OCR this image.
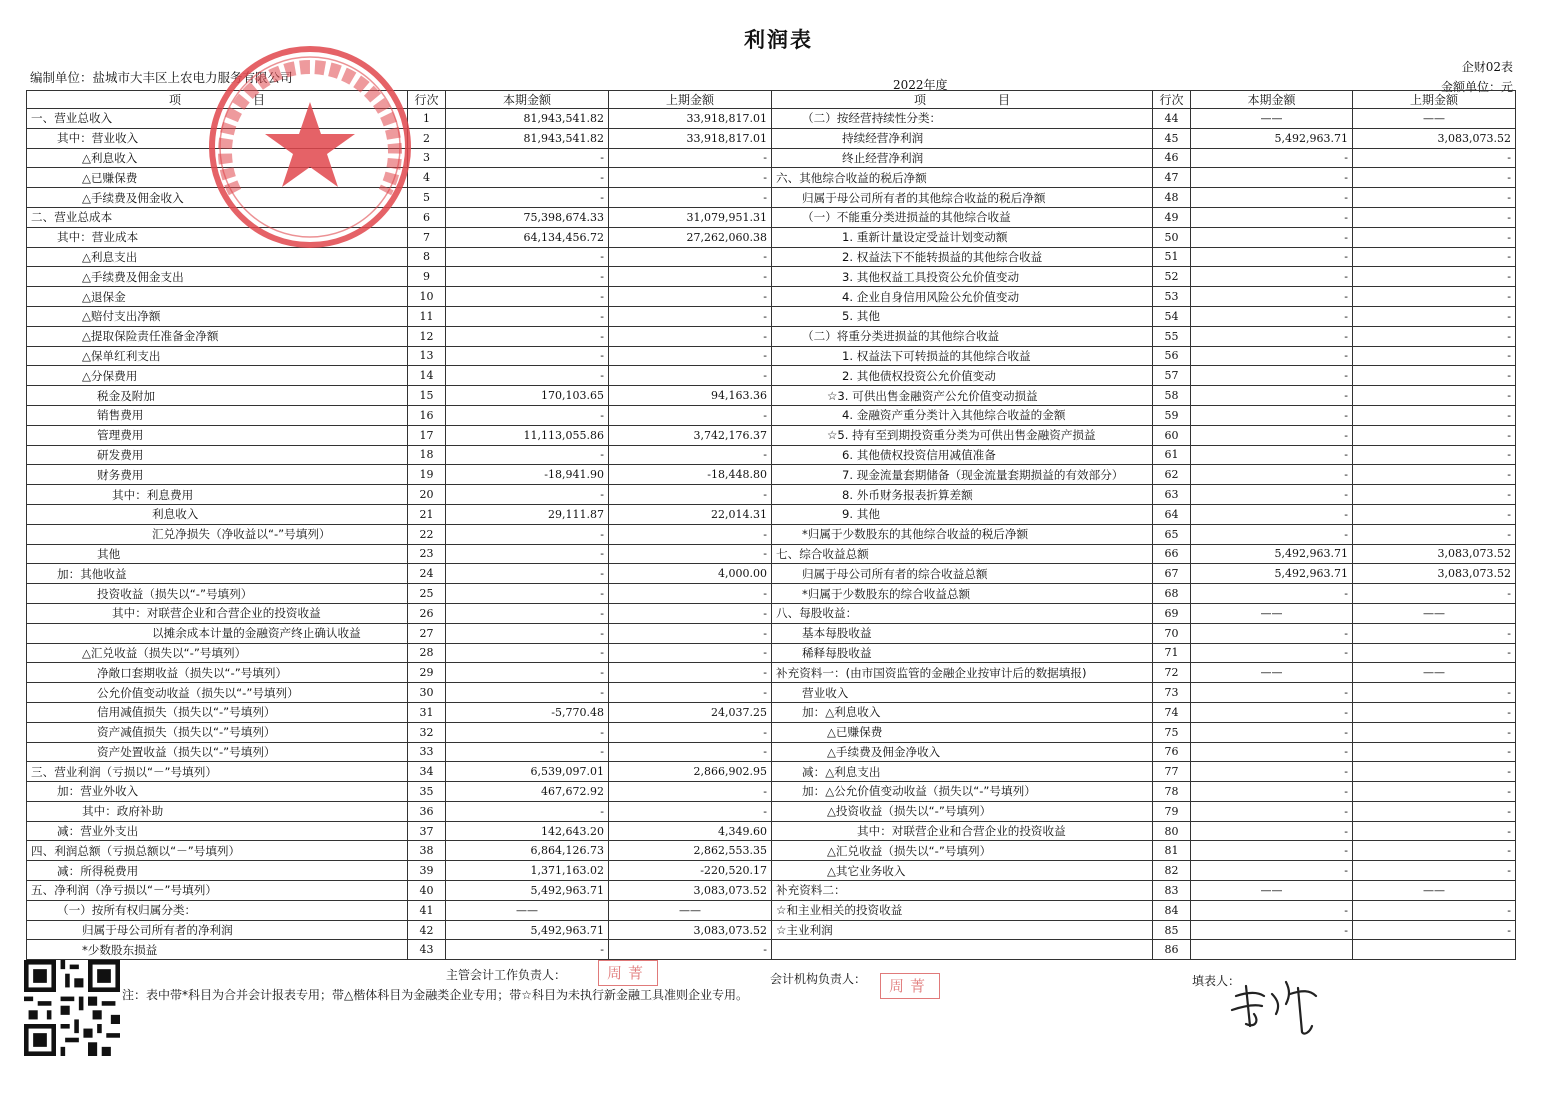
利润表
企财02表
金额单位：元
编制单位：盐城市大丰区上农电力服务有限公司	2022年度
项　　　　　　目	行次	本期金额	上期金额
一、营业总收入	1	81,943,541.82	33,918,817.01
其中：营业收入	2	81,943,541.82	33,918,817.01
△利息收入	3	-	-
△已赚保费	4	-	-
△手续费及佣金收入	5	-	-
二、营业总成本	6	75,398,674.33	31,079,951.31
其中：营业成本	7	64,134,456.72	27,262,060.38
△利息支出	8	-	-
△手续费及佣金支出	9	-	-
△退保金	10	-	-
△赔付支出净额	11	-	-
△提取保险责任准备金净额	12	-	-
△保单红利支出	13	-	-
△分保费用	14	-	-
税金及附加	15	170,103.65	94,163.36
销售费用	16	-	-
管理费用	17	11,113,055.86	3,742,176.37
研发费用	18	-	-
财务费用	19	-18,941.90	-18,448.80
其中：利息费用	20	-	-
利息收入	21	29,111.87	22,014.31
汇兑净损失（净收益以“-”号填列）	22	-	-
其他	23	-	-
加：其他收益	24	-	4,000.00
投资收益（损失以“-”号填列）	25	-	-
其中：对联营企业和合营企业的投资收益	26	-	-
以摊余成本计量的金融资产终止确认收益	27	-	-
△汇兑收益（损失以“-”号填列）	28	-	-
净敞口套期收益（损失以“-”号填列）	29	-	-
公允价值变动收益（损失以“-”号填列）	30	-	-
信用减值损失（损失以“-”号填列）	31	-5,770.48	24,037.25
资产减值损失（损失以“-”号填列）	32	-	-
资产处置收益（损失以“-”号填列）	33	-	-
三、营业利润（亏损以“－”号填列）	34	6,539,097.01	2,866,902.95
加：营业外收入	35	467,672.92	-
其中：政府补助	36	-	-
减：营业外支出	37	142,643.20	4,349.60
四、利润总额（亏损总额以“－”号填列）	38	6,864,126.73	2,862,553.35
减：所得税费用	39	1,371,163.02	-220,520.17
五、净利润（净亏损以“－”号填列）	40	5,492,963.71	3,083,073.52
（一）按所有权归属分类：	41	——	——
归属于母公司所有者的净利润	42	5,492,963.71	3,083,073.52
*少数股东损益	43	-	-
项　　　　　　目	行次	本期金额	上期金额
（二）按经营持续性分类：	44	——	——
持续经营净利润	45	5,492,963.71	3,083,073.52
终止经营净利润	46	-	-
六、其他综合收益的税后净额	47	-	-
归属于母公司所有者的其他综合收益的税后净额	48	-	-
（一）不能重分类进损益的其他综合收益	49	-	-
1. 重新计量设定受益计划变动额	50	-	-
2. 权益法下不能转损益的其他综合收益	51	-	-
3. 其他权益工具投资公允价值变动	52	-	-
4. 企业自身信用风险公允价值变动	53	-	-
5. 其他	54	-	-
（二）将重分类进损益的其他综合收益	55	-	-
1. 权益法下可转损益的其他综合收益	56	-	-
2. 其他债权投资公允价值变动	57	-	-
☆3. 可供出售金融资产公允价值变动损益	58	-	-
4. 金融资产重分类计入其他综合收益的金额	59	-	-
☆5. 持有至到期投资重分类为可供出售金融资产损益	60	-	-
6. 其他债权投资信用减值准备	61	-	-
7. 现金流量套期储备（现金流量套期损益的有效部分）	62	-	-
8. 外币财务报表折算差额	63	-	-
9. 其他	64	-	-
*归属于少数股东的其他综合收益的税后净额	65	-	-
七、综合收益总额	66	5,492,963.71	3,083,073.52
归属于母公司所有者的综合收益总额	67	5,492,963.71	3,083,073.52
*归属于少数股东的综合收益总额	68	-	-
八、每股收益：	69	——	——
基本每股收益	70	-	-
稀释每股收益	71	-	-
补充资料一：(由市国资监管的金融企业按审计后的数据填报)	72	——	——
营业收入	73	-	-
加：△利息收入	74	-	-
△已赚保费	75	-	-
△手续费及佣金净收入	76	-	-
减：△利息支出	77	-	-
加：△公允价值变动收益（损失以“-”号填列）	78	-	-
△投资收益（损失以“-”号填列）	79	-	-
其中：对联营企业和合营企业的投资收益	80	-	-
△汇兑收益（损失以“-”号填列）	81	-	-
△其它业务收入	82	-	-
补充资料二：	83	——	——
☆和主业相关的投资收益	84	-	-
☆主业利润	85	-	-
	86		
主管会计工作负责人：	周菁	会计机构负责人：	周菁	填表人：
注：表中带*科目为合并会计报表专用；带△楷体科目为金融类企业专用；带☆科目为未执行新金融工具准则企业专用。
